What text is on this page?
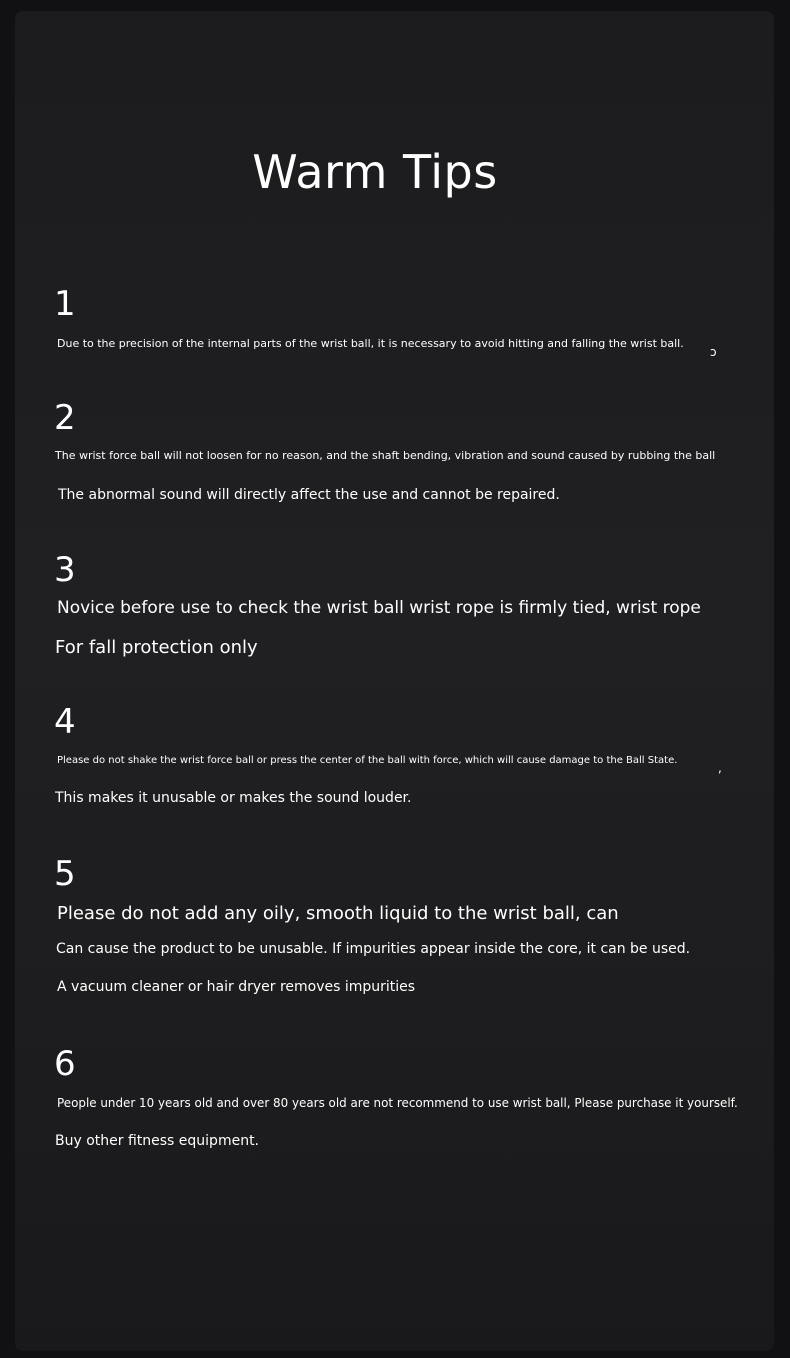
Warm Tips
1

Due to the precision of the internal parts of the wrist ball, it is necessary to avoid hitting and falling the wrist ball.

ɔ
2

The wrist force ball will not loosen for no reason, and the shaft bending, vibration and sound caused by rubbing the ball

The abnormal sound will directly affect the use and cannot be repaired.

3

Novice before use to check the wrist ball wrist rope is firmly tied, wrist rope

For fall protection only

4

Please do not shake the wrist force ball or press the center of the ball with force, which will cause damage to the Ball State.

,

This makes it unusable or makes the sound louder.

5

Please do not add any oily, smooth liquid to the wrist ball, can

Can cause the product to be unusable. If impurities appear inside the core, it can be used.

A vacuum cleaner or hair dryer removes impurities

6

People under 10 years old and over 80 years old are not recommend to use wrist ball, Please purchase it yourself.

Buy other fitness equipment.
